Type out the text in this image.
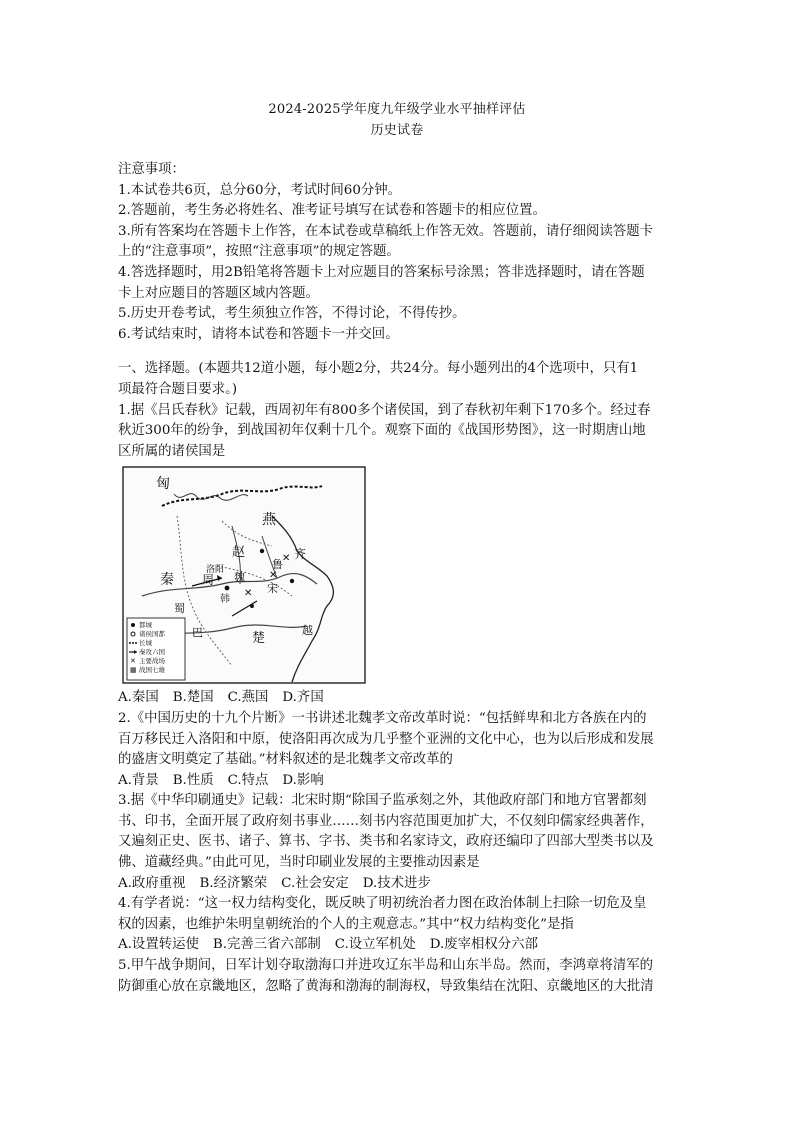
2024-2025学年度九年级学业水平抽样评估
历史试卷
注意事项：
1.本试卷共6页，总分60分，考试时间60分钟。
2.答题前，考生务必将姓名、准考证号填写在试卷和答题卡的相应位置。
3.所有答案均在答题卡上作答，在本试卷或草稿纸上作答无效。答题前，请仔细阅读答题卡
上的“注意事项”，按照“注意事项”的规定答题。
4.答选择题时，用2B铅笔将答题卡上对应题目的答案标号涂黑；答非选择题时，请在答题
卡上对应题目的答题区域内答题。
5.历史开卷考试，考生须独立作答，不得讨论，不得传抄。
6.考试结束时，请将本试卷和答题卡一并交回。
一、选择题。(本题共12道小题，每小题2分，共24分。每小题列出的4个选项中，只有1
项最符合题目要求。)
1.据《吕氏春秋》记载，西周初年有800多个诸侯国，到了春秋初年剩下170多个。经过春
秋近300年的纷争，到战国初年仅剩十几个。观察下面的《战国形势图》，这一时期唐山地
区所属的诸侯国是
✕
✕
✕
匈
燕
赵
秦 周 魏
韩
洛阳
宋
鲁
齐
楚
越
巴
蜀
都城
诸侯国都
长城
秦攻六国
✕ 主要战场
▦ 战国七雄
A.秦国 B.楚国 C.燕国 D.齐国
2.《中国历史的十九个片断》一书讲述北魏孝文帝改革时说：“包括鲜卑和北方各族在内的
百万移民迁入洛阳和中原，使洛阳再次成为几乎整个亚洲的文化中心，也为以后形成和发展
的盛唐文明奠定了基础。”材料叙述的是北魏孝文帝改革的
A.背景 B.性质 C.特点 D.影响
3.据《中华印刷通史》记载：北宋时期“除国子监承刻之外，其他政府部门和地方官署都刻
书、印书，全面开展了政府刻书事业……刻书内容范围更加扩大，不仅刻印儒家经典著作，
又遍刻正史、医书、诸子、算书、字书、类书和名家诗文，政府还编印了四部大型类书以及
佛、道藏经典。”由此可见，当时印刷业发展的主要推动因素是
A.政府重视 B.经济繁荣 C.社会安定 D.技术进步
4.有学者说：“这一权力结构变化，既反映了明初统治者力图在政治体制上扫除一切危及皇
权的因素，也维护朱明皇朝统治的个人的主观意志。”其中“权力结构变化”是指
A.设置转运使 B.完善三省六部制 C.设立军机处 D.废宰相权分六部
5.甲午战争期间，日军计划夺取渤海口并进攻辽东半岛和山东半岛。然而，李鸿章将清军的
防御重心放在京畿地区，忽略了黄海和渤海的制海权，导致集结在沈阳、京畿地区的大批清
